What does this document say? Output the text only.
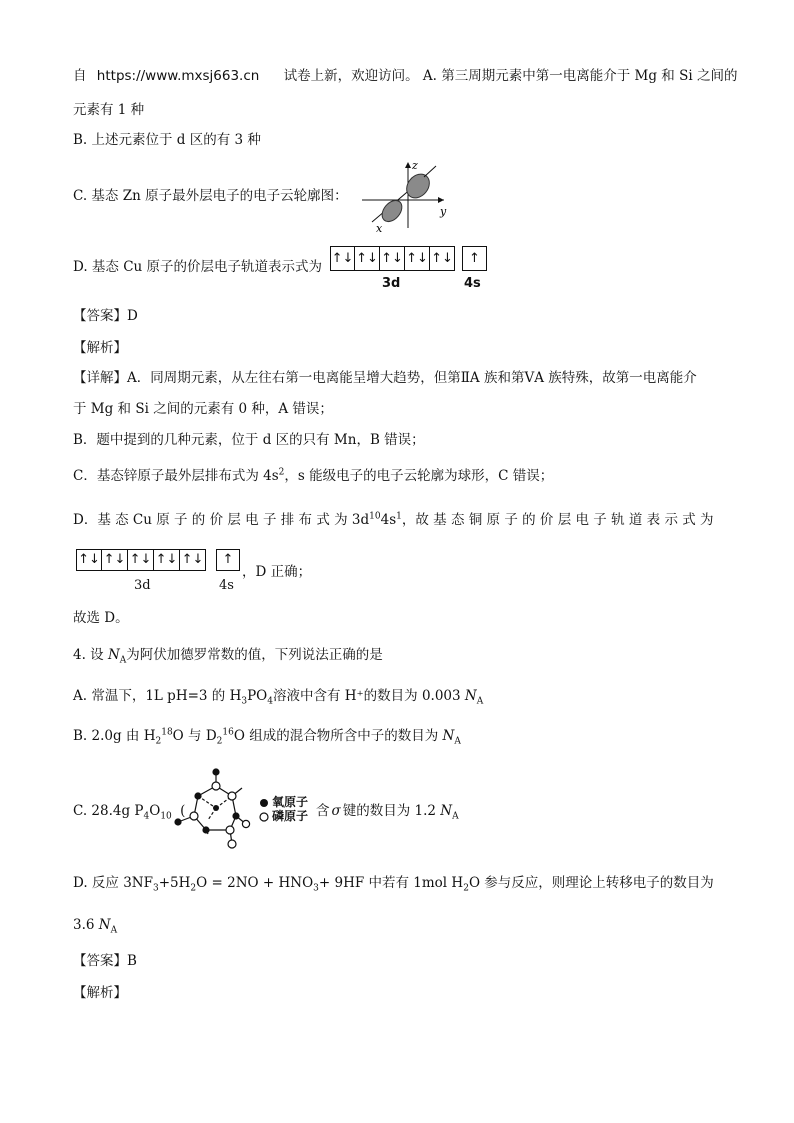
自 https://www.mxsj663.cn 试卷上新，欢迎访问。 A. 第三周期元素中第一电离能介于 Mg 和 Si 之间的
元素有 1 种
B. 上述元素位于 d 区的有 3 种
C. 基态 Zn 原子最外层电子的电子云轮廓图：
z
y
x
D. 基态 Cu 原子的价层电子轨道表示式为
↑↓ ↑↓ ↑↓ ↑↓ ↑↓	↑
3d	4s
【答案】D
【解析】
【详解】A．同周期元素，从左往右第一电离能呈增大趋势，但第ⅡA 族和第ⅤA 族特殊，故第一电离能介
于 Mg 和 Si 之间的元素有 0 种，A 错误；
B．题中提到的几种元素，位于 d 区的只有 Mn，B 错误；
C．基态锌原子最外层排布式为 $4s^2$，s 能级电子的电子云轮廓为球形，C 错误；
D．基 态 Cu 原 子 的 价 层 电 子 排 布 式 为 $3d^{10}4s^1$，故 基 态 铜 原 子 的 价 层 电 子 轨 道 表 示 式 为
↑↓ ↑↓ ↑↓ ↑↓ ↑↓	↑
3d	4s
，D 正确；
故选 D。
4. 设 $N_A$为阿伏加德罗常数的值，下列说法正确的是
A. 常温下，1L pH=3 的 $H_3PO_4$溶液中含有 H⁺的数目为 0.003 $N_A$
B. 2.0g 由 $H_2^{18}O$ 与 $D_2^{16}O$ 组成的混合物所含中子的数目为 $N_A$
C. 28.4g $P_4O_{10}$ (
氧原子
磷原子 含 σ 键的数目为 1.2 $N_A$
D. 反应 $3NF_3+5H_2O = 2NO + HNO_3+ 9HF$ 中若有 1mol $H_2O$ 参与反应，则理论上转移电子的数目为
3.6 $N_A$
【答案】B
【解析】
